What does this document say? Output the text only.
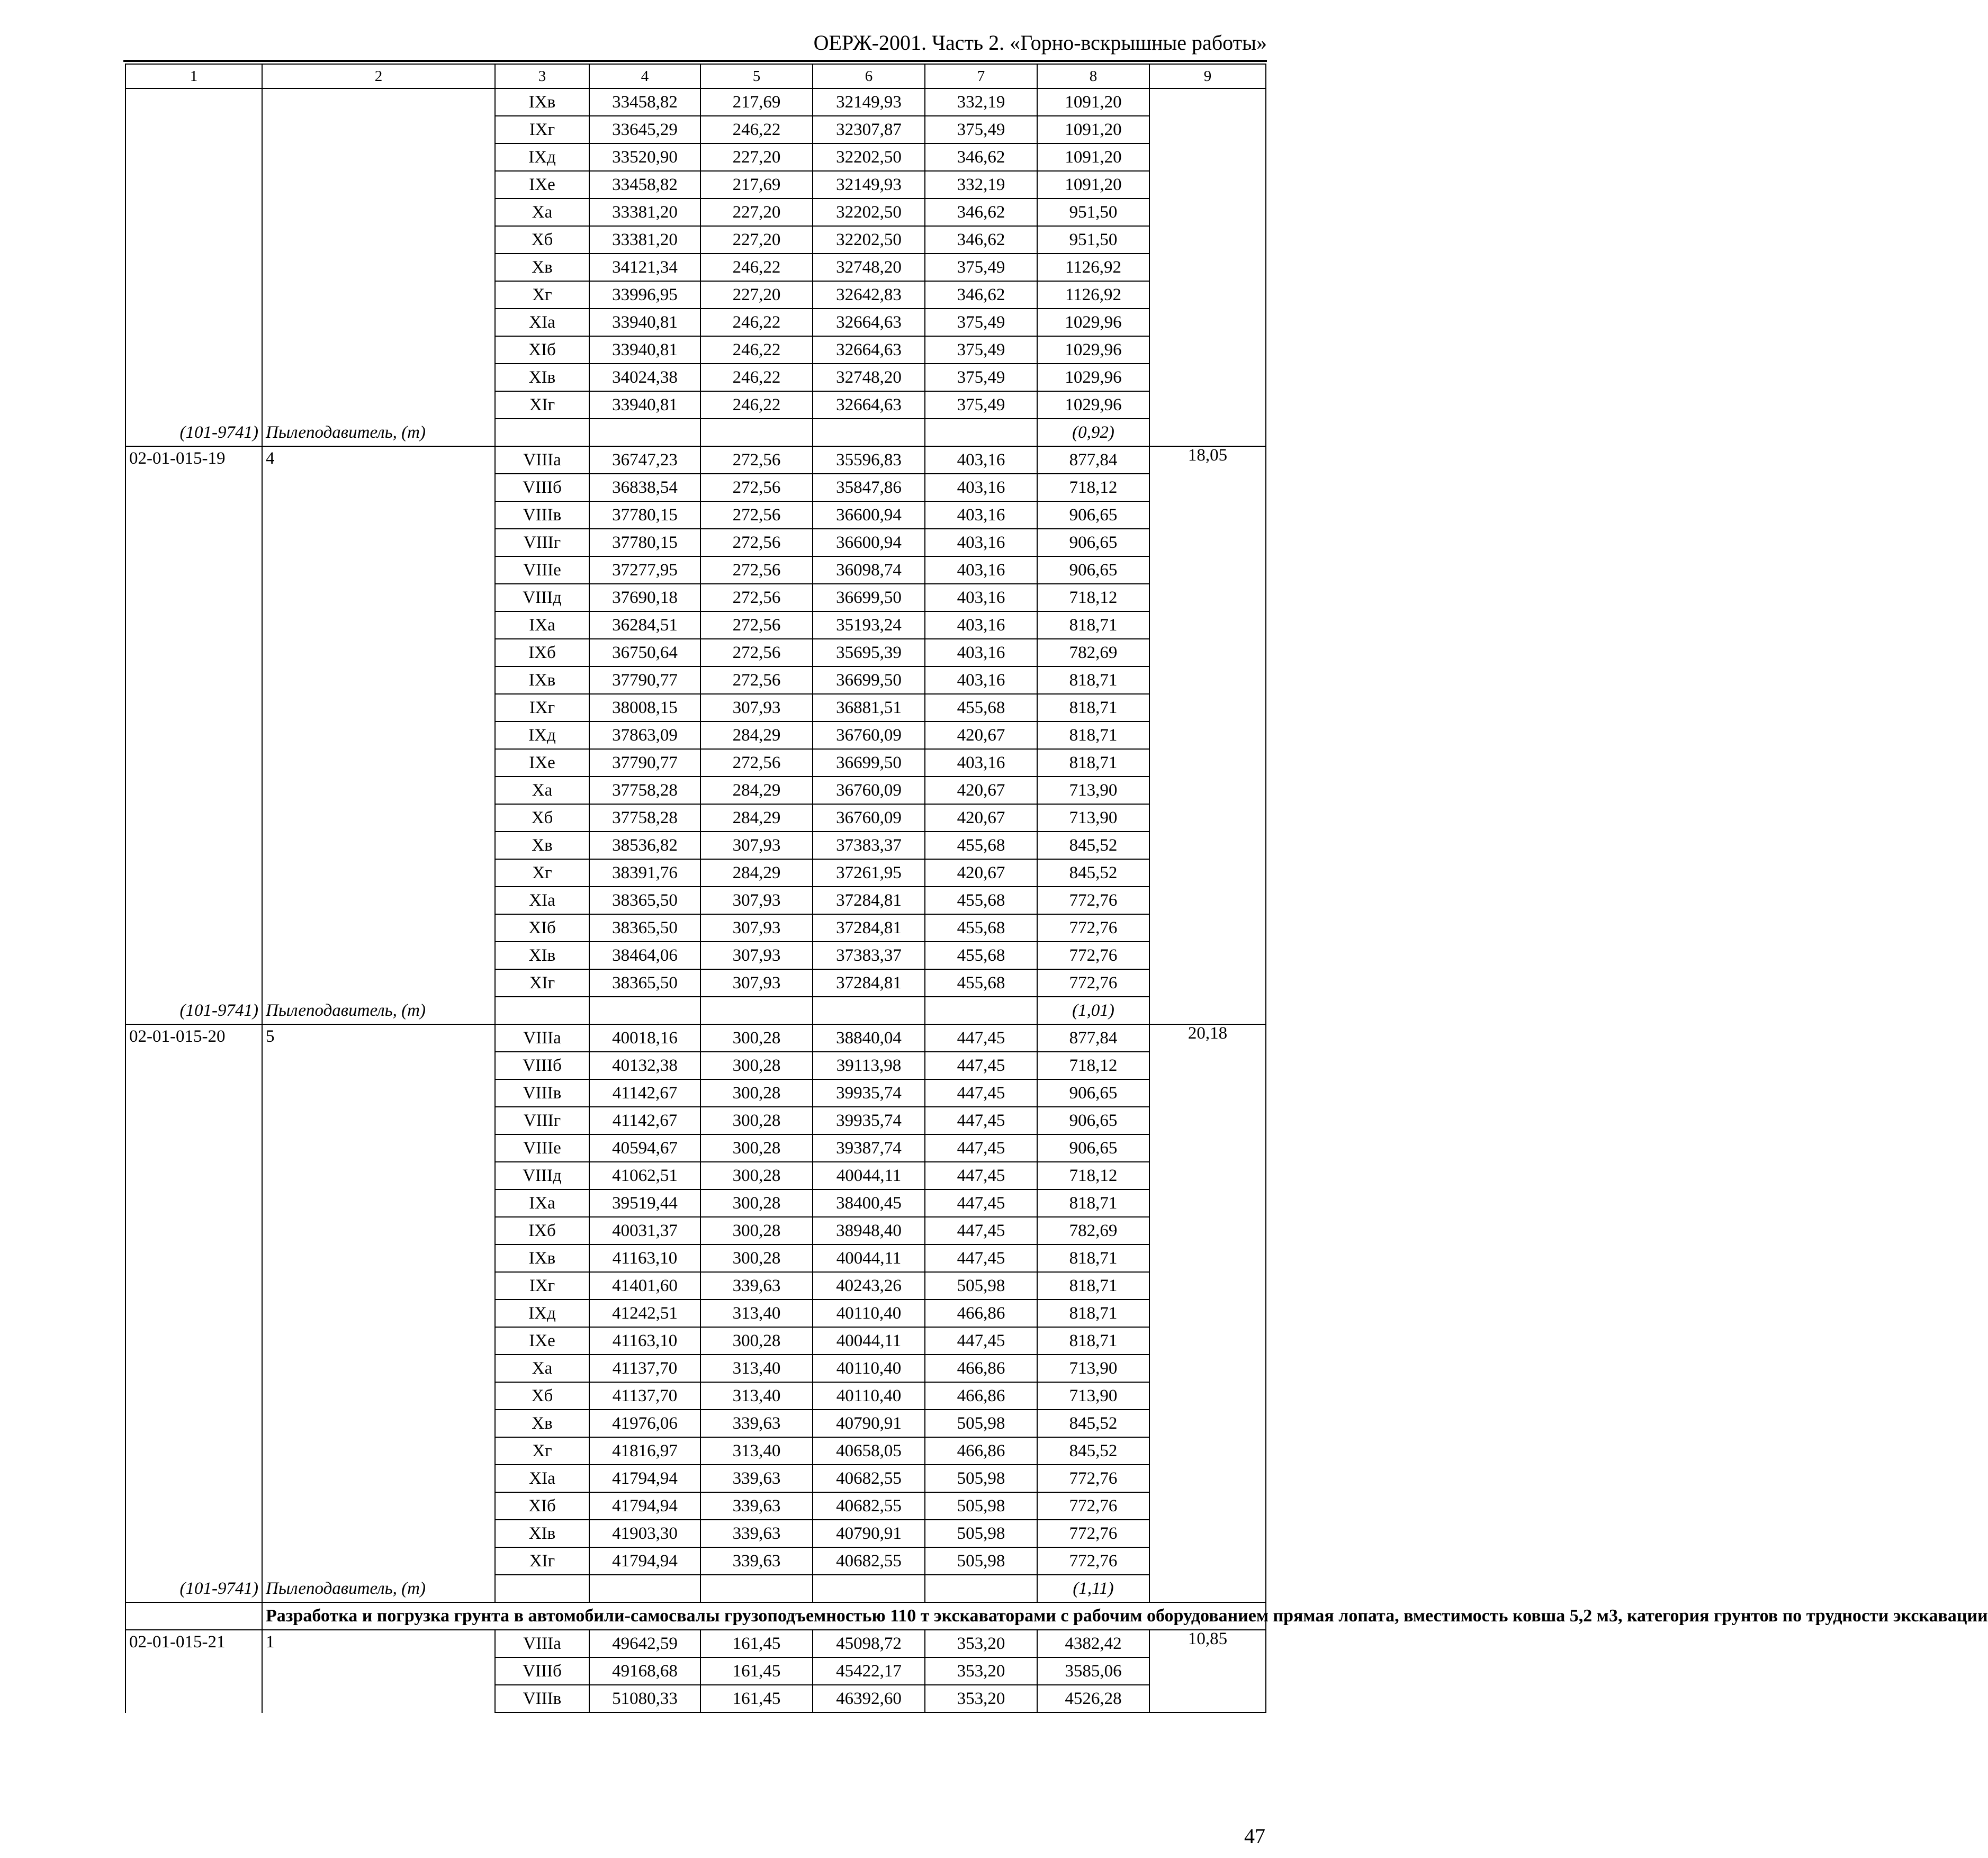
ОЕРЖ-2001. Часть 2. «Горно-вскрышные работы»
1	2	3	4	5	6	7	8	9
		IXв	33458,82	217,69	32149,93	332,19	1091,20	
		IXг	33645,29	246,22	32307,87	375,49	1091,20	
		IXд	33520,90	227,20	32202,50	346,62	1091,20	
		IXе	33458,82	217,69	32149,93	332,19	1091,20	
		Xа	33381,20	227,20	32202,50	346,62	951,50	
		Xб	33381,20	227,20	32202,50	346,62	951,50	
		Xв	34121,34	246,22	32748,20	375,49	1126,92	
		Xг	33996,95	227,20	32642,83	346,62	1126,92	
		XIа	33940,81	246,22	32664,63	375,49	1029,96	
		XIб	33940,81	246,22	32664,63	375,49	1029,96	
		XIв	34024,38	246,22	32748,20	375,49	1029,96	
		XIг	33940,81	246,22	32664,63	375,49	1029,96	
(101-9741)	Пылеподавитель, (т)						(0,92)	
02-01-015-19	4	VIIIа	36747,23	272,56	35596,83	403,16	877,84	18,05
		VIIIб	36838,54	272,56	35847,86	403,16	718,12	
		VIIIв	37780,15	272,56	36600,94	403,16	906,65	
		VIIIг	37780,15	272,56	36600,94	403,16	906,65	
		VIIIе	37277,95	272,56	36098,74	403,16	906,65	
		VIIIд	37690,18	272,56	36699,50	403,16	718,12	
		IXа	36284,51	272,56	35193,24	403,16	818,71	
		IXб	36750,64	272,56	35695,39	403,16	782,69	
		IXв	37790,77	272,56	36699,50	403,16	818,71	
		IXг	38008,15	307,93	36881,51	455,68	818,71	
		IXд	37863,09	284,29	36760,09	420,67	818,71	
		IXе	37790,77	272,56	36699,50	403,16	818,71	
		Xа	37758,28	284,29	36760,09	420,67	713,90	
		Xб	37758,28	284,29	36760,09	420,67	713,90	
		Xв	38536,82	307,93	37383,37	455,68	845,52	
		Xг	38391,76	284,29	37261,95	420,67	845,52	
		XIа	38365,50	307,93	37284,81	455,68	772,76	
		XIб	38365,50	307,93	37284,81	455,68	772,76	
		XIв	38464,06	307,93	37383,37	455,68	772,76	
		XIг	38365,50	307,93	37284,81	455,68	772,76	
(101-9741)	Пылеподавитель, (т)						(1,01)	
02-01-015-20	5	VIIIа	40018,16	300,28	38840,04	447,45	877,84	20,18
		VIIIб	40132,38	300,28	39113,98	447,45	718,12	
		VIIIв	41142,67	300,28	39935,74	447,45	906,65	
		VIIIг	41142,67	300,28	39935,74	447,45	906,65	
		VIIIе	40594,67	300,28	39387,74	447,45	906,65	
		VIIIд	41062,51	300,28	40044,11	447,45	718,12	
		IXа	39519,44	300,28	38400,45	447,45	818,71	
		IXб	40031,37	300,28	38948,40	447,45	782,69	
		IXв	41163,10	300,28	40044,11	447,45	818,71	
		IXг	41401,60	339,63	40243,26	505,98	818,71	
		IXд	41242,51	313,40	40110,40	466,86	818,71	
		IXе	41163,10	300,28	40044,11	447,45	818,71	
		Xа	41137,70	313,40	40110,40	466,86	713,90	
		Xб	41137,70	313,40	40110,40	466,86	713,90	
		Xв	41976,06	339,63	40790,91	505,98	845,52	
		Xг	41816,97	313,40	40658,05	466,86	845,52	
		XIа	41794,94	339,63	40682,55	505,98	772,76	
		XIб	41794,94	339,63	40682,55	505,98	772,76	
		XIв	41903,30	339,63	40790,91	505,98	772,76	
		XIг	41794,94	339,63	40682,55	505,98	772,76	
(101-9741)	Пылеподавитель, (т)						(1,11)	
	Разработка и погрузка грунта в автомобили-самосвалы грузоподъемностью 110 т экскаваторами с рабочим оборудованием прямая лопата, вместимость ковша 5,2 м3, категория грунтов по трудности экскавации							
02-01-015-21	1	VIIIа	49642,59	161,45	45098,72	353,20	4382,42	10,85
		VIIIб	49168,68	161,45	45422,17	353,20	3585,06	
		VIIIв	51080,33	161,45	46392,60	353,20	4526,28	
47
